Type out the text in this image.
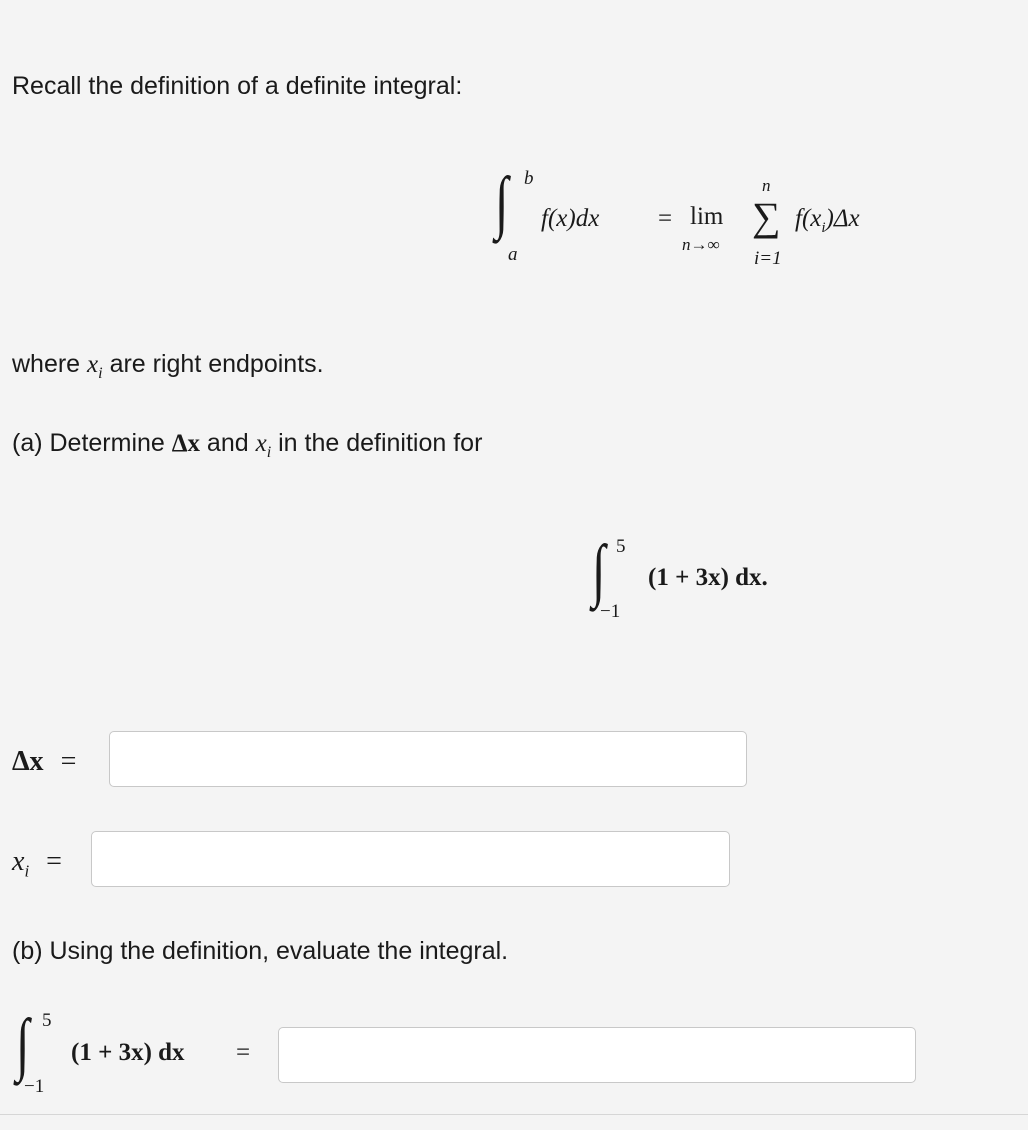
Recall the definition of a definite integral:
∫ b
a
f(x)dx = lim
n→∞
n
∑
i=1
$f(x_i)\Delta x$
where $x_i$ are right endpoints.
(a) Determine Δx and $x_i$ in the definition for
∫ 5
−1
(1 + 3x) dx.
Δx =
$x_i$ =
(b) Using the definition, evaluate the integral.
∫ 5
−1
(1 + 3x) dx =
